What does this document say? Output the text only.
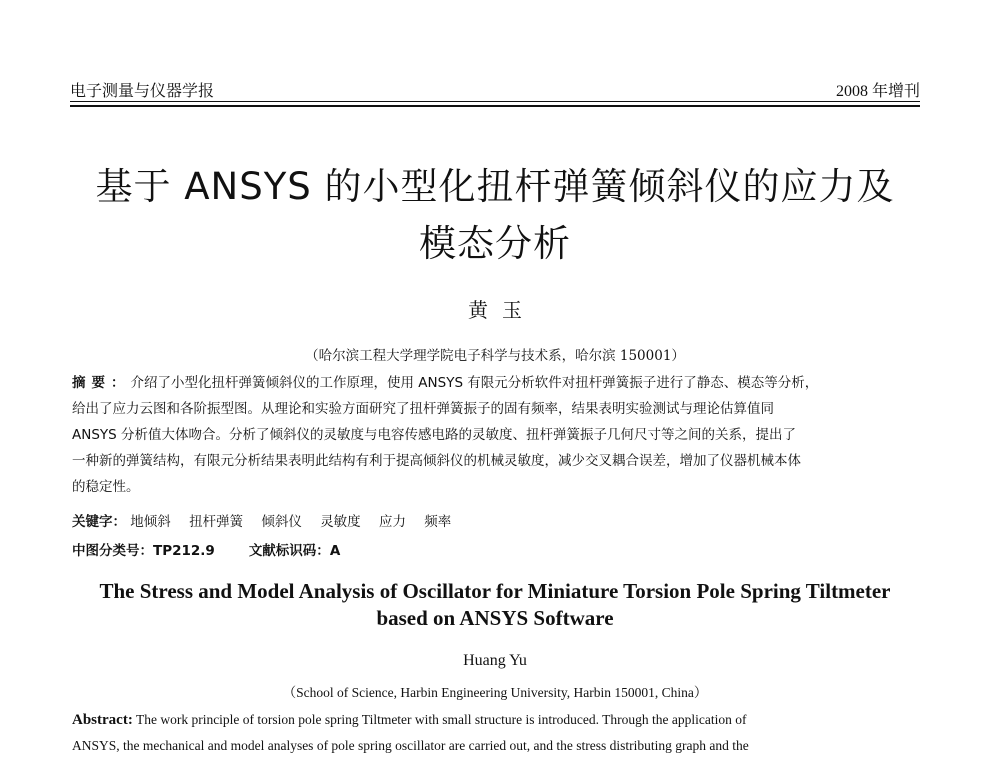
电子测量与仪器学报	2008 年增刊
基于 ANSYS 的小型化扭杆弹簧倾斜仪的应力及
模态分析
黄玉
（哈尔滨工程大学理学院电子科学与技术系，哈尔滨 150001）
摘要：介绍了小型化扭杆弹簧倾斜仪的工作原理，使用 ANSYS 有限元分析软件对扭杆弹簧振子进行了静态、模态等分析，
给出了应力云图和各阶振型图。从理论和实验方面研究了扭杆弹簧振子的固有频率，结果表明实验测试与理论估算值同
ANSYS 分析值大体吻合。分析了倾斜仪的灵敏度与电容传感电路的灵敏度、扭杆弹簧振子几何尺寸等之间的关系，提出了
一种新的弹簧结构，有限元分析结果表明此结构有利于提高倾斜仪的机械灵敏度，减少交叉耦合误差，增加了仪器机械本体
的稳定性。
关键字： 地倾斜 扭杆弹簧 倾斜仪 灵敏度 应力 频率
中图分类号：TP212.9	文献标识码：A
The Stress and Model Analysis of Oscillator for Miniature Torsion Pole Spring Tiltmeter
based on ANSYS Software
Huang Yu
（School of Science, Harbin Engineering University, Harbin 150001, China）
Abstract: The work principle of torsion pole spring Tiltmeter with small structure is introduced. Through the application of
ANSYS, the mechanical and model analyses of pole spring oscillator are carried out, and the stress distributing graph and the
